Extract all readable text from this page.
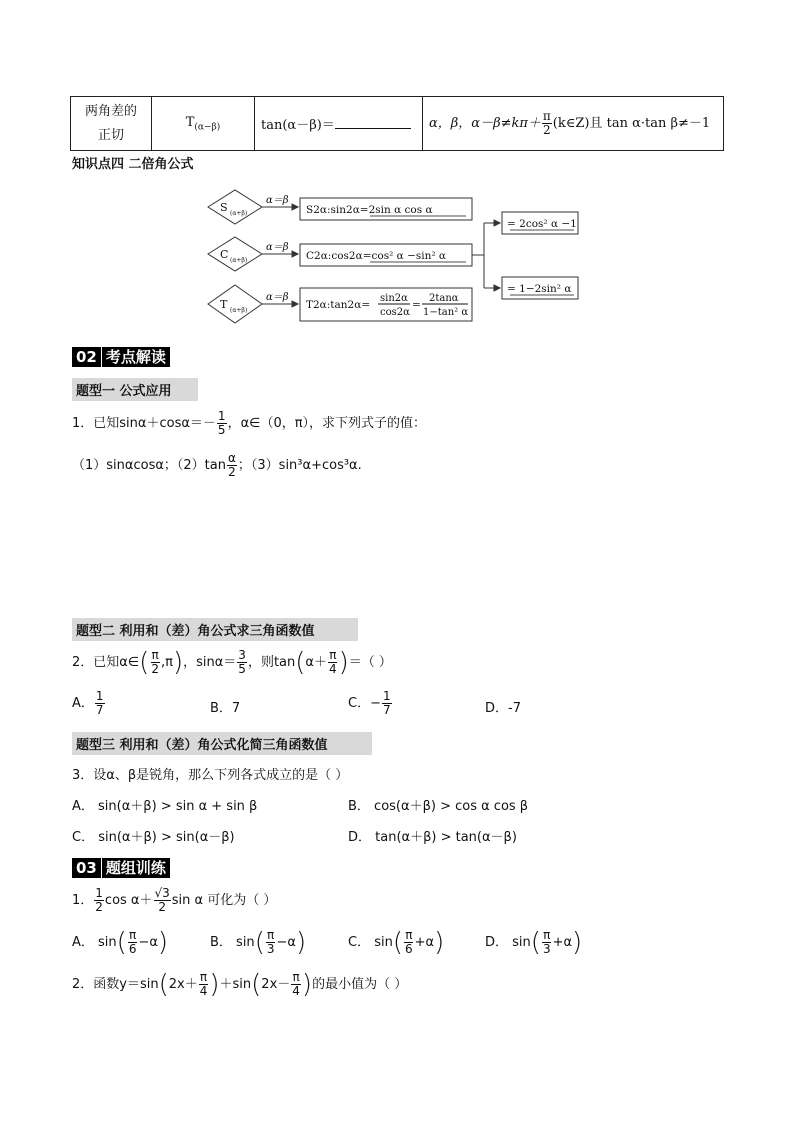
两角差的
正切	$T_{(\alpha-\beta)}$	tan(α－β)＝	α，β，$\alpha-\beta\ne k\pi+ \frac{\pi}{2}$ (k∈Z)且 tan α·tan β≠－1
知识点四 二倍角公式
S (α+β)
C (α+β)
T (α+β)
α＝β
α＝β
α＝β
S2α:sin2α=2sin α cos α
C2α:cos2α=cos² α −sin² α
T2α:tan2α=
sin2α
cos2α
=
2tanα
1−tan² α
= 2cos² α −1
= 1−2sin² α
02 考点解读
题型一 公式应用
1．已知$\sin\alpha+\cos\alpha=- \frac{1}{5}$ ，α∈（0，π），求下列式子的值：
（1）sinαcosα；$(2)\tan \frac{\alpha}{2}$ ；（3）sin³α+cos³α.
题型二 利用和（差）角公式求三角函数值
2．已知α∈( $\frac{\pi}{2} ,\pi$)，$\sin\alpha= \frac{3}{5}$ ，则$\tan(\alpha+ \frac{\pi}{4}$ )＝（ ）
A． $\frac{1}{7}$	B．7	C．− $\frac{1}{7}$	D．-7
题型三 利用和（差）角公式化简三角函数值
3．设α、β是锐角，那么下列各式成立的是（ ）
A． sin(α＋β) > sin α + sin β	B． cos(α＋β) > cos α cos β
C． sin(α＋β) > sin(α－β)	D． tan(α＋β) > tan(α－β)
03 题组训练
1． $\frac{1}{2}$ $\cos \alpha+ \frac{√3}{2}$ sin α 可化为（ ）
A． $\sin( \frac{\pi}{6} -\alpha)$	B． $\sin( \frac{\pi}{3} -\alpha)$	C． $\sin( \frac{\pi}{6} +\alpha)$	D． $\sin( \frac{\pi}{3} +\alpha)$
2．函数$y=\sin(2x+ \frac{\pi}{4} )+\sin(2x- \frac{\pi}{4}$ )的最小值为（ ）
